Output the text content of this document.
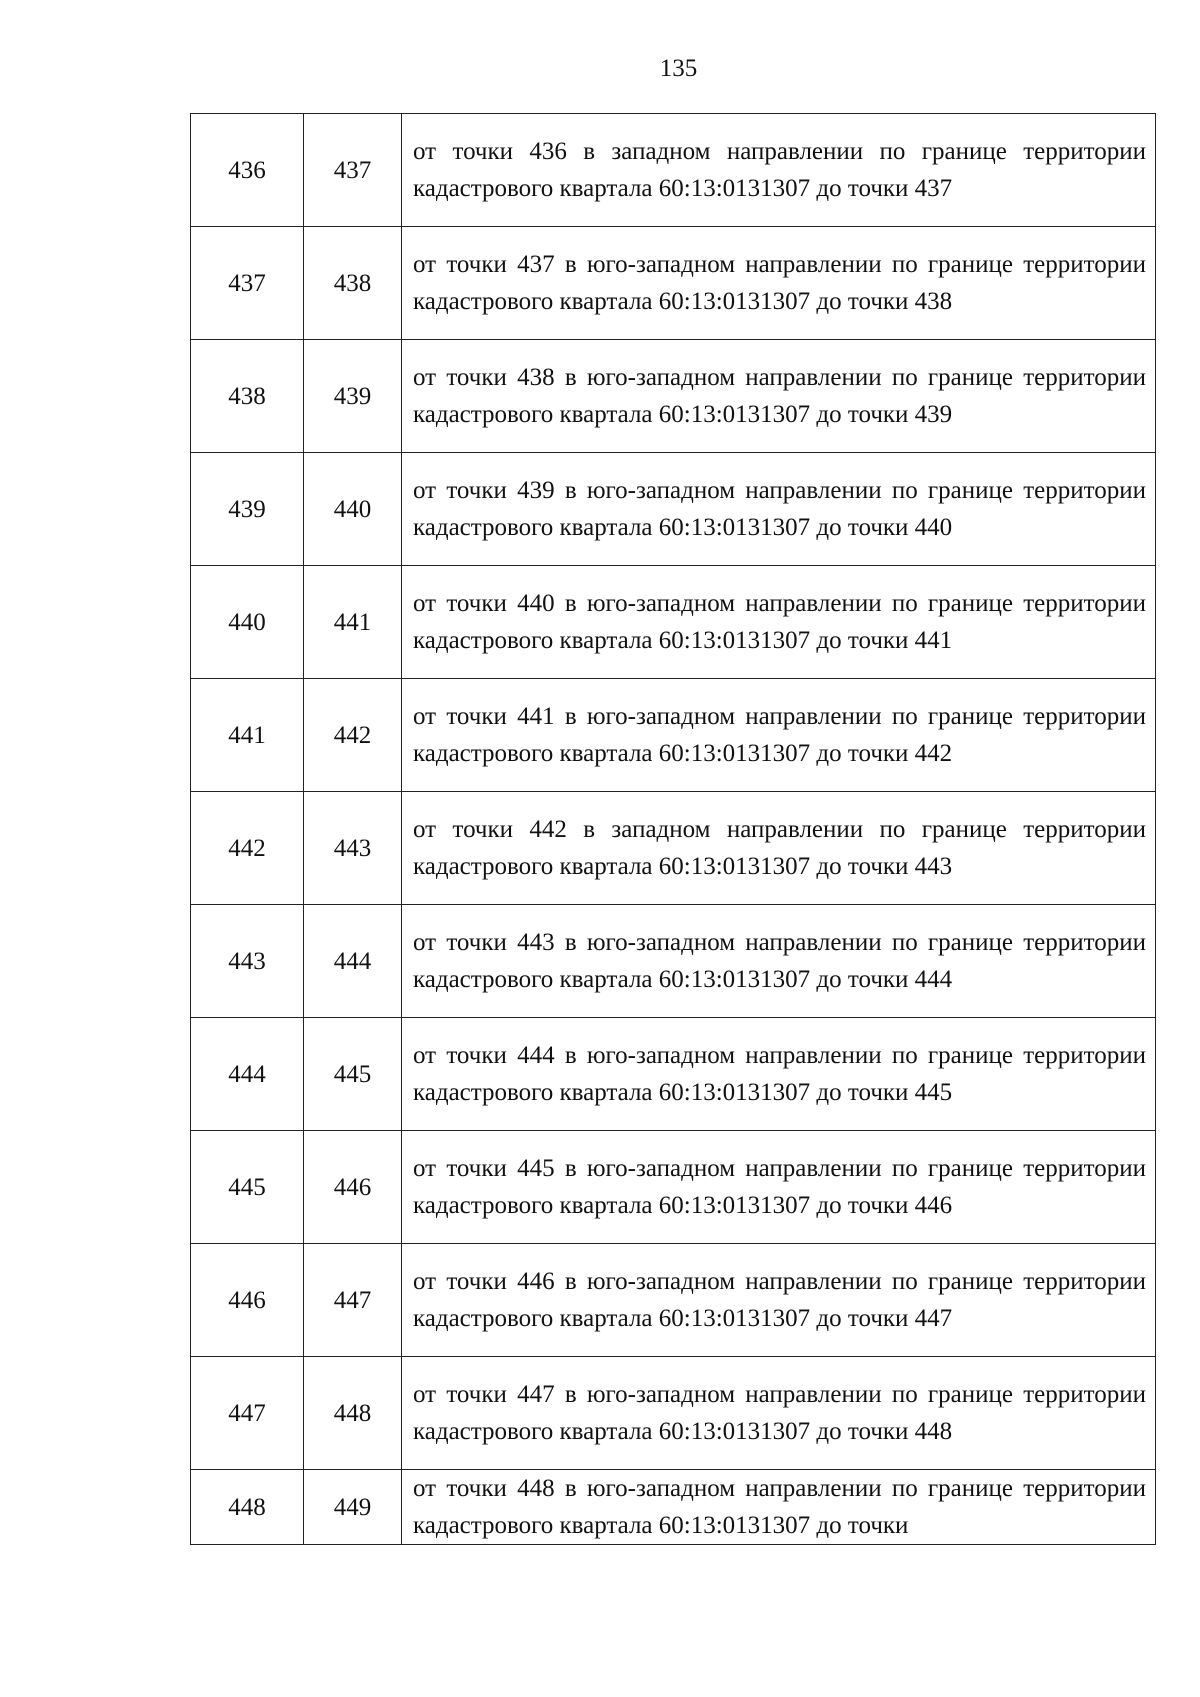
135
436	437	от точки 436 в западном направлении по границе территории кадастрового квартала 60:13:0131307 до точки 437
437	438	от точки 437 в юго-западном направлении по границе территории кадастрового квартала 60:13:0131307 до точки 438
438	439	от точки 438 в юго-западном направлении по границе территории кадастрового квартала 60:13:0131307 до точки 439
439	440	от точки 439 в юго-западном направлении по границе территории кадастрового квартала 60:13:0131307 до точки 440
440	441	от точки 440 в юго-западном направлении по границе территории кадастрового квартала 60:13:0131307 до точки 441
441	442	от точки 441 в юго-западном направлении по границе территории кадастрового квартала 60:13:0131307 до точки 442
442	443	от точки 442 в западном направлении по границе территории кадастрового квартала 60:13:0131307 до точки 443
443	444	от точки 443 в юго-западном направлении по границе территории кадастрового квартала 60:13:0131307 до точки 444
444	445	от точки 444 в юго-западном направлении по границе территории кадастрового квартала 60:13:0131307 до точки 445
445	446	от точки 445 в юго-западном направлении по границе территории кадастрового квартала 60:13:0131307 до точки 446
446	447	от точки 446 в юго-западном направлении по границе территории кадастрового квартала 60:13:0131307 до точки 447
447	448	от точки 447 в юго-западном направлении по границе территории кадастрового квартала 60:13:0131307 до точки 448
448	449	от точки 448 в юго-западном направлении по границе территории кадастрового квартала 60:13:0131307 до точки
